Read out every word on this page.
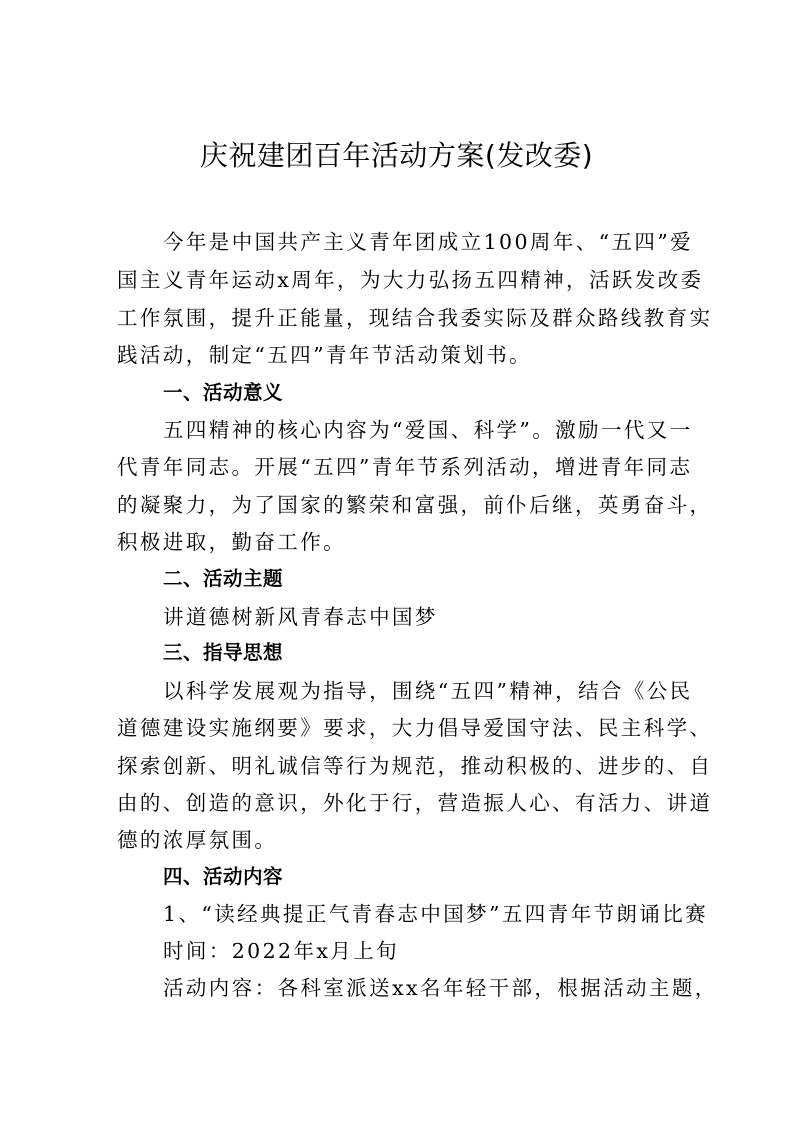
庆祝建团百年活动方案(发改委)
今年是中国共产主义青年团成立100周年、“五四”爱
国主义青年运动x周年，为大力弘扬五四精神，活跃发改委
工作氛围，提升正能量，现结合我委实际及群众路线教育实
践活动，制定“五四”青年节活动策划书。
一、活动意义
五四精神的核心内容为“爱国、科学”。激励一代又一
代青年同志。开展“五四”青年节系列活动，增进青年同志
的凝聚力，为了国家的繁荣和富强，前仆后继，英勇奋斗，
积极进取，勤奋工作。
二、活动主题
讲道德树新风青春志中国梦
三、指导思想
以科学发展观为指导，围绕“五四”精神，结合《公民
道德建设实施纲要》要求，大力倡导爱国守法、民主科学、
探索创新、明礼诚信等行为规范，推动积极的、进步的、自
由的、创造的意识，外化于行，营造振人心、有活力、讲道
德的浓厚氛围。
四、活动内容
1、“读经典提正气青春志中国梦”五四青年节朗诵比赛
时间：2022年x月上旬
活动内容：各科室派送xx名年轻干部，根据活动主题，
